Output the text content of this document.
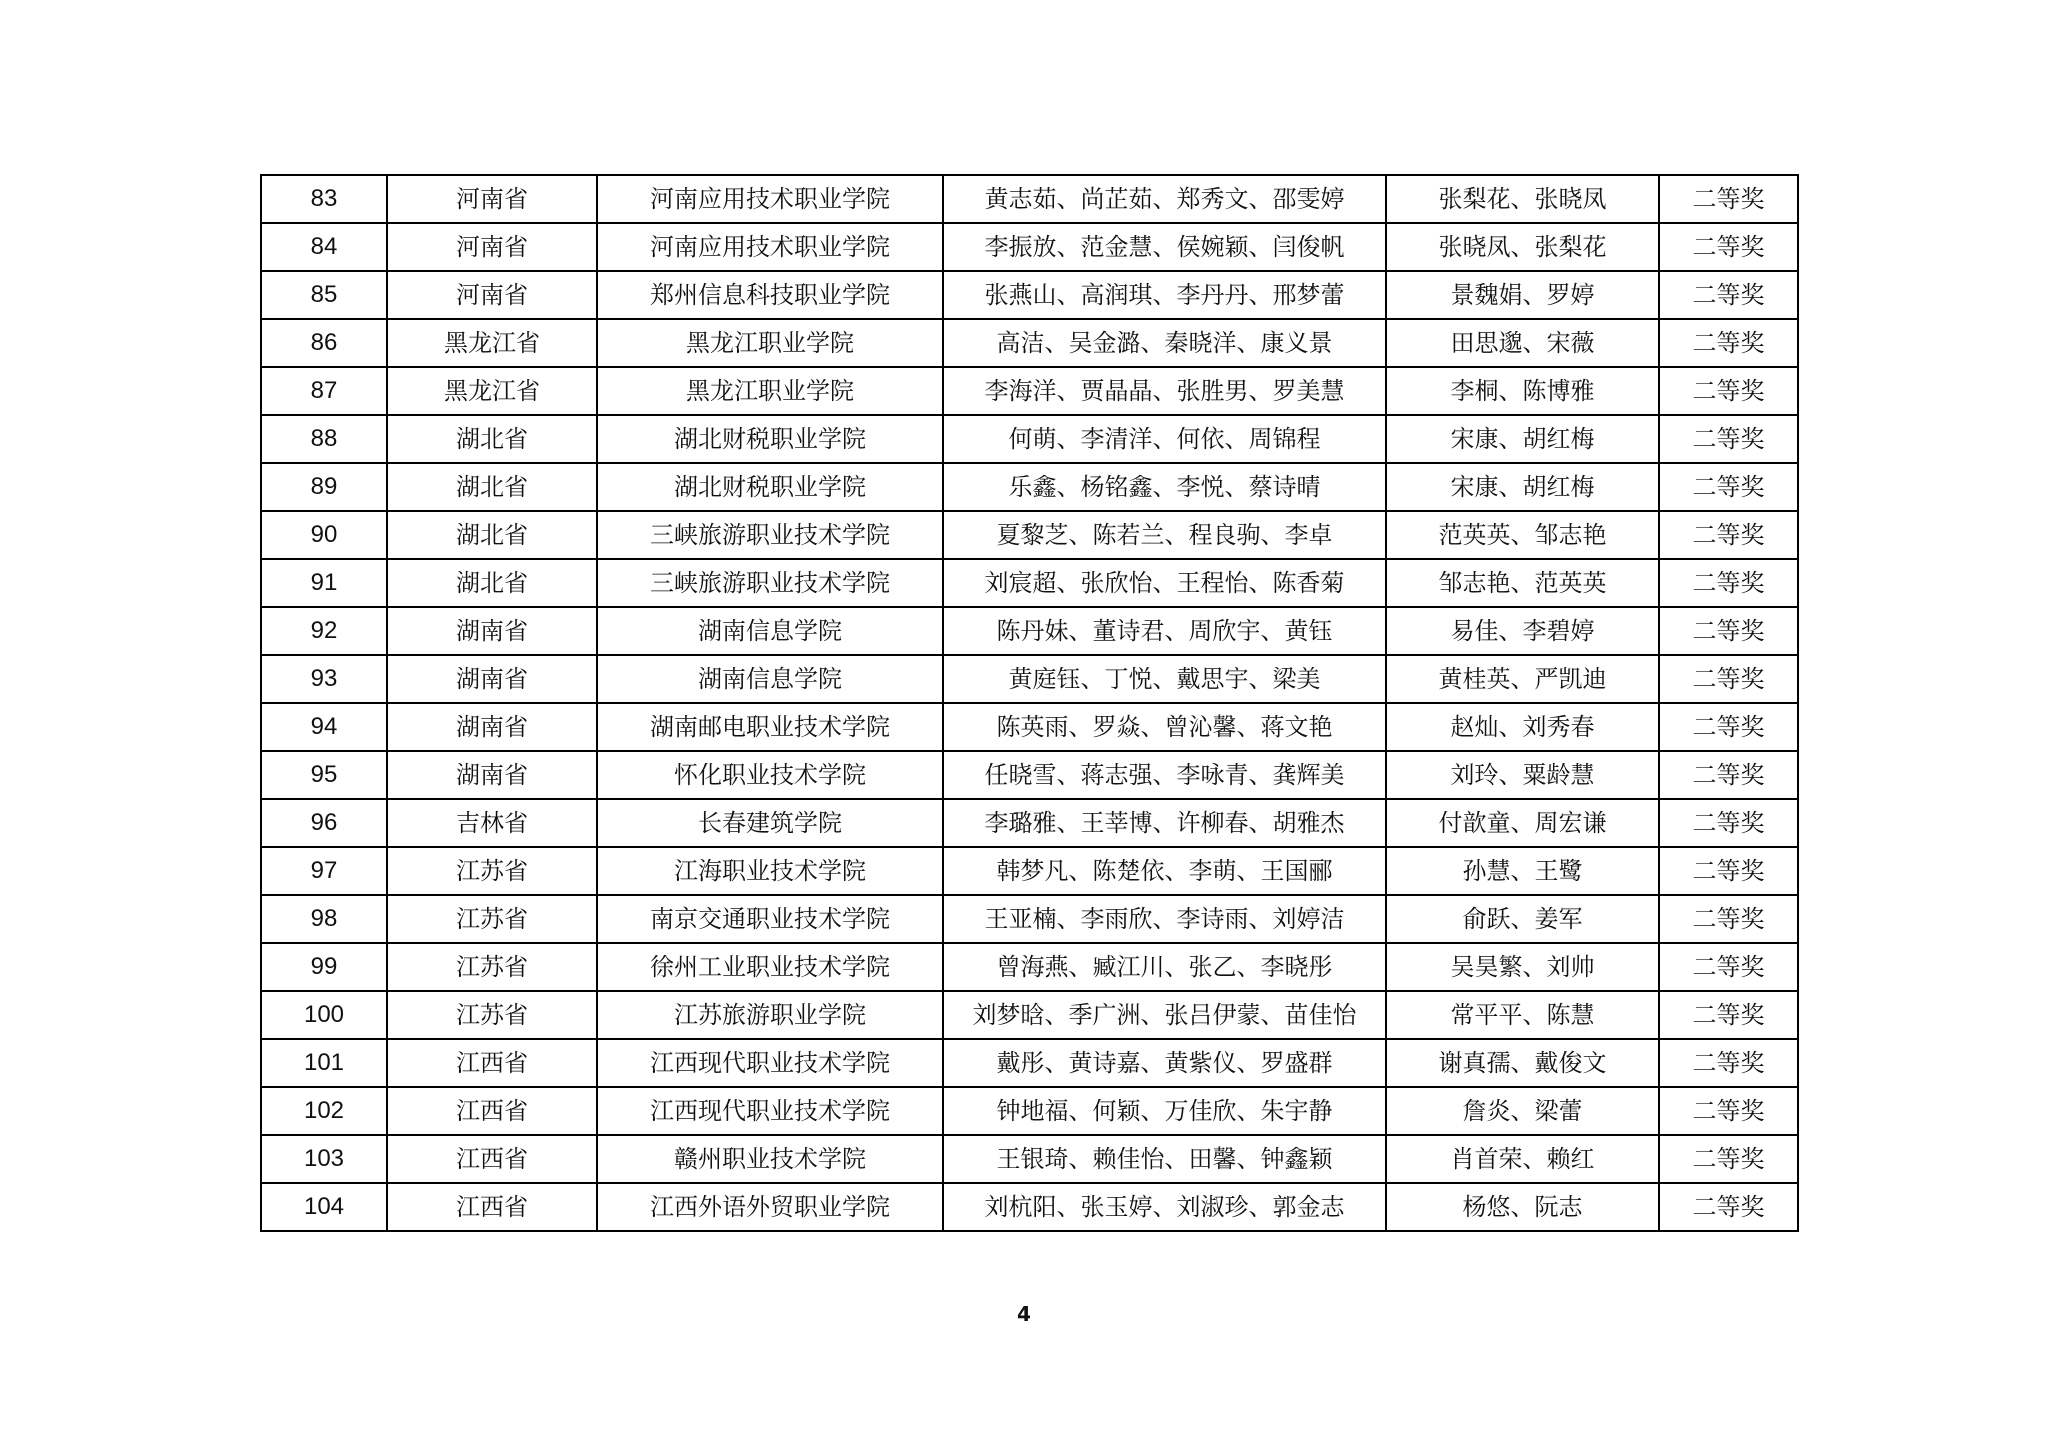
83	河南省	河南应用技术职业学院	黄志茹、尚芷茹、郑秀文、邵雯婷	张梨花、张晓凤	二等奖
84	河南省	河南应用技术职业学院	李振放、范金慧、侯婉颖、闫俊帆	张晓凤、张梨花	二等奖
85	河南省	郑州信息科技职业学院	张燕山、高润琪、李丹丹、邢梦蕾	景魏娟、罗婷	二等奖
86	黑龙江省	黑龙江职业学院	高洁、吴金潞、秦晓洋、康义景	田思邈、宋薇	二等奖
87	黑龙江省	黑龙江职业学院	李海洋、贾晶晶、张胜男、罗美慧	李桐、陈博雅	二等奖
88	湖北省	湖北财税职业学院	何萌、李清洋、何依、周锦程	宋康、胡红梅	二等奖
89	湖北省	湖北财税职业学院	乐鑫、杨铭鑫、李悦、蔡诗晴	宋康、胡红梅	二等奖
90	湖北省	三峡旅游职业技术学院	夏黎芝、陈若兰、程良驹、李卓	范英英、邹志艳	二等奖
91	湖北省	三峡旅游职业技术学院	刘宸超、张欣怡、王程怡、陈香菊	邹志艳、范英英	二等奖
92	湖南省	湖南信息学院	陈丹妹、董诗君、周欣宇、黄钰	易佳、李碧婷	二等奖
93	湖南省	湖南信息学院	黄庭钰、丁悦、戴思宇、梁美	黄桂英、严凯迪	二等奖
94	湖南省	湖南邮电职业技术学院	陈英雨、罗焱、曾沁馨、蒋文艳	赵灿、刘秀春	二等奖
95	湖南省	怀化职业技术学院	任晓雪、蒋志强、李咏青、龚辉美	刘玲、粟龄慧	二等奖
96	吉林省	长春建筑学院	李璐雅、王莘博、许柳春、胡雅杰	付歆童、周宏谦	二等奖
97	江苏省	江海职业技术学院	韩梦凡、陈楚依、李萌、王国郦	孙慧、王鹭	二等奖
98	江苏省	南京交通职业技术学院	王亚楠、李雨欣、李诗雨、刘婷洁	俞跃、姜军	二等奖
99	江苏省	徐州工业职业技术学院	曾海燕、臧江川、张乙、李晓彤	吴昊繁、刘帅	二等奖
100	江苏省	江苏旅游职业学院	刘梦晗、季广洲、张吕伊蒙、苗佳怡	常平平、陈慧	二等奖
101	江西省	江西现代职业技术学院	戴彤、黄诗嘉、黄紫仪、罗盛群	谢真孺、戴俊文	二等奖
102	江西省	江西现代职业技术学院	钟地福、何颖、万佳欣、朱宇静	詹炎、梁蕾	二等奖
103	江西省	赣州职业技术学院	王银琦、赖佳怡、田馨、钟鑫颖	肖首荣、赖红	二等奖
104	江西省	江西外语外贸职业学院	刘杭阳、张玉婷、刘淑珍、郭金志	杨悠、阮志	二等奖
4
